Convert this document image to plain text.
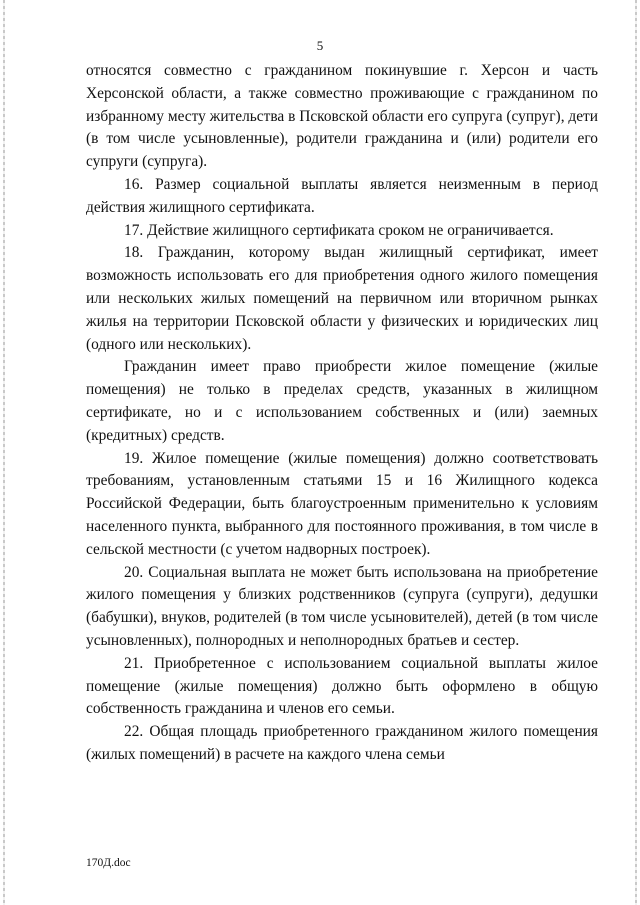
5

относятся совместно с гражданином покинувшие г. Херсон и часть Херсонской области, а также совместно проживающие с гражданином по избранному месту жительства в Псковской области его супруга (супруг), дети (в том числе усыновленные), родители гражданина и (или) родители его супруги (супруга).

16. Размер социальной выплаты является неизменным в период действия жилищного сертификата.

17. Действие жилищного сертификата сроком не ограничивается.

18. Гражданин, которому выдан жилищный сертификат, имеет возможность использовать его для приобретения одного жилого помещения или нескольких жилых помещений на первичном или вторичном рынках жилья на территории Псковской области у физических и юридических лиц (одного или нескольких).

Гражданин имеет право приобрести жилое помещение (жилые помещения) не только в пределах средств, указанных в жилищном сертификате, но и с использованием собственных и (или) заемных (кредитных) средств.

19. Жилое помещение (жилые помещения) должно соответствовать требованиям, установленным статьями 15 и 16 Жилищного кодекса Российской Федерации, быть благоустроенным применительно к условиям населенного пункта, выбранного для постоянного проживания, в том числе в сельской местности (с учетом надворных построек).

20. Социальная выплата не может быть использована на приобретение жилого помещения у близких родственников (супруга (супруги), дедушки (бабушки), внуков, родителей (в том числе усыновителей), детей (в том числе усыновленных), полнородных и неполнородных братьев и сестер.

21. Приобретенное с использованием социальной выплаты жилое помещение (жилые помещения) должно быть оформлено в общую собственность гражданина и членов его семьи.

22. Общая площадь приобретенного гражданином жилого помещения (жилых помещений) в расчете на каждого члена семьи

170Д.doc
